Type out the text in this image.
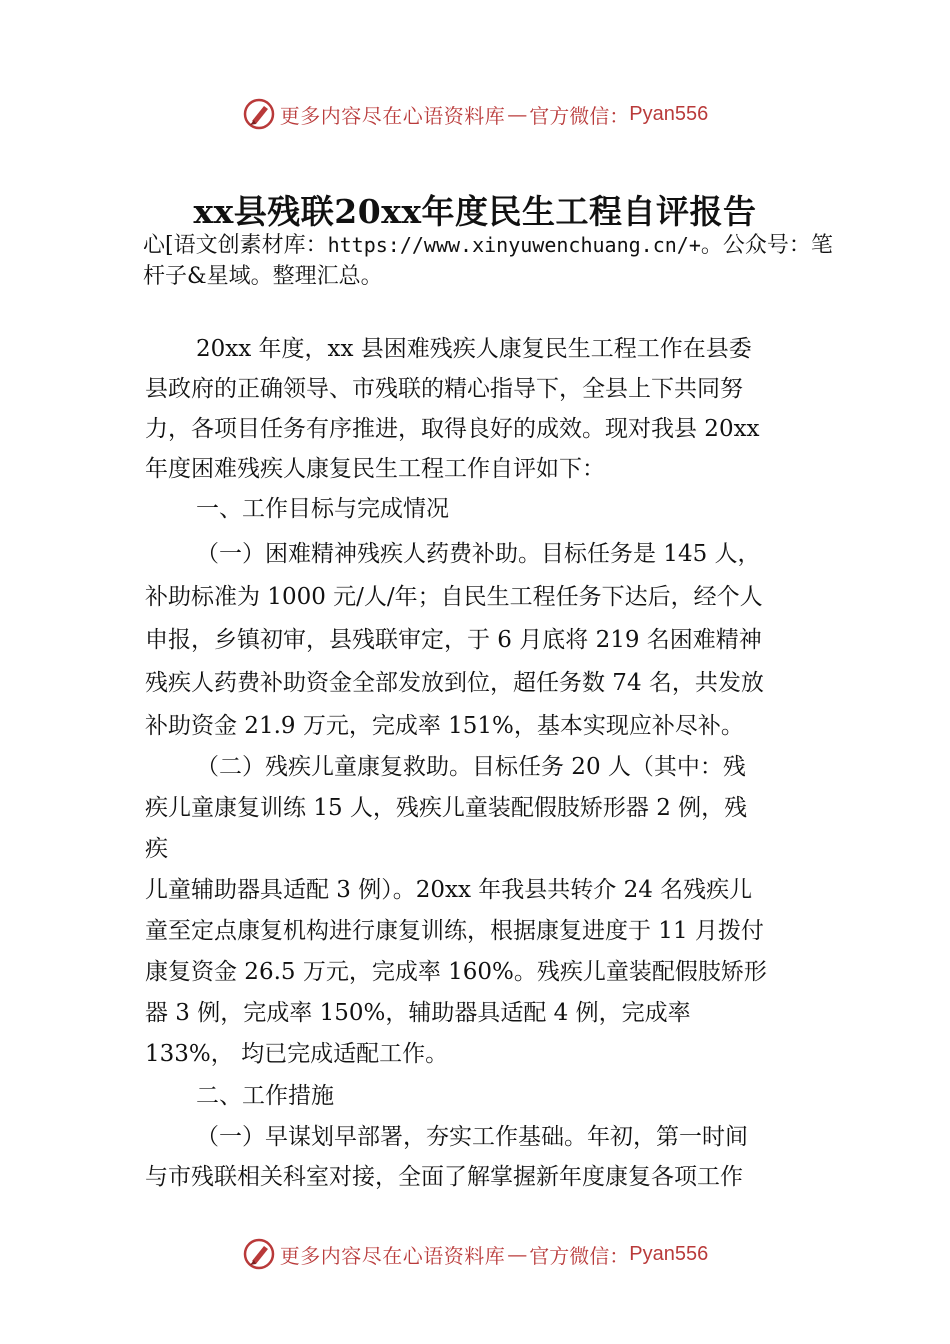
更多内容尽在心语资料库 — 官方微信： Pyan556
xx县残联20xx年度民生工程自评报告
心[语文创素材库：https://www.xinyuwenchuang.cn/+。公众号：笔杆子&星域。整理汇总。
20xx 年度，xx 县困难残疾人康复民生工程工作在县委
县政府的正确领导、市残联的精心指导下，全县上下共同努
力，各项目任务有序推进，取得良好的成效。现对我县 20xx
年度困难残疾人康复民生工程工作自评如下：
一、工作目标与完成情况
（一）困难精神残疾人药费补助。目标任务是 145 人，
补助标准为 1000 元/人/年；自民生工程任务下达后，经个人
申报，乡镇初审，县残联审定，于 6 月底将 219 名困难精神
残疾人药费补助资金全部发放到位，超任务数 74 名，共发放
补助资金 21.9 万元，完成率 151%，基本实现应补尽补。
（二）残疾儿童康复救助。目标任务 20 人（其中：残
疾儿童康复训练 15 人，残疾儿童装配假肢矫形器 2 例，残
疾
儿童辅助器具适配 3 例）。20xx 年我县共转介 24 名残疾儿
童至定点康复机构进行康复训练，根据康复进度于 11 月拨付
康复资金 26.5 万元，完成率 160%。残疾儿童装配假肢矫形
器 3 例，完成率 150%，辅助器具适配 4 例，完成率
133%， 均已完成适配工作。
二、工作措施
（一）早谋划早部署，夯实工作基础。年初，第一时间
与市残联相关科室对接，全面了解掌握新年度康复各项工作
更多内容尽在心语资料库 — 官方微信： Pyan556
